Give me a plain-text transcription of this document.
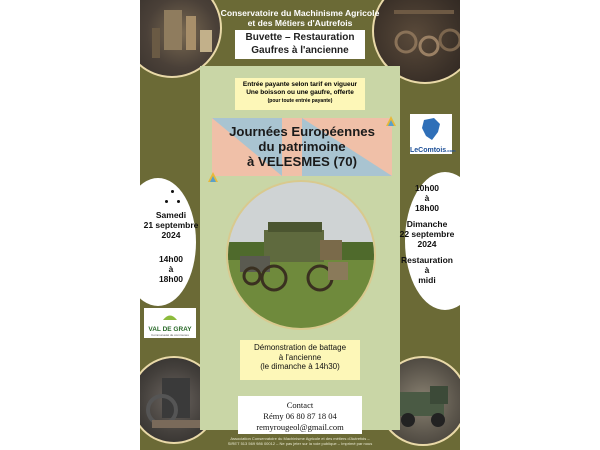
Conservatoire du Machinisme Agricole
et des Métiers d'Autrefois
Buvette – Restauration
Gaufres à l'ancienne
Entrée payante selon tarif en vigueur
Une boisson ou une gaufre, offerte
(pour toute entrée payante)
Journées Européennes
du patrimoine
à VELESMES (70)
LeComtois.com
Samedi
21 septembre
2024
14h00
à
18h00
10h00
à
18h00
Dimanche
22 septembre
2024
Restauration
à
midi
VAL DE GRAY
Communauté de communes
Démonstration de battage
à l'ancienne
(le dimanche à 14h30)
Contact
Rémy 06 80 87 18 04
remyrougeol@gmail.com
Association Conservatoire du Machinisme Agricole et des métiers d'Autrefois –
SIRET 513 569 986 00012 – Ne pas jeter sur la voie publique – Imprimé par nous
